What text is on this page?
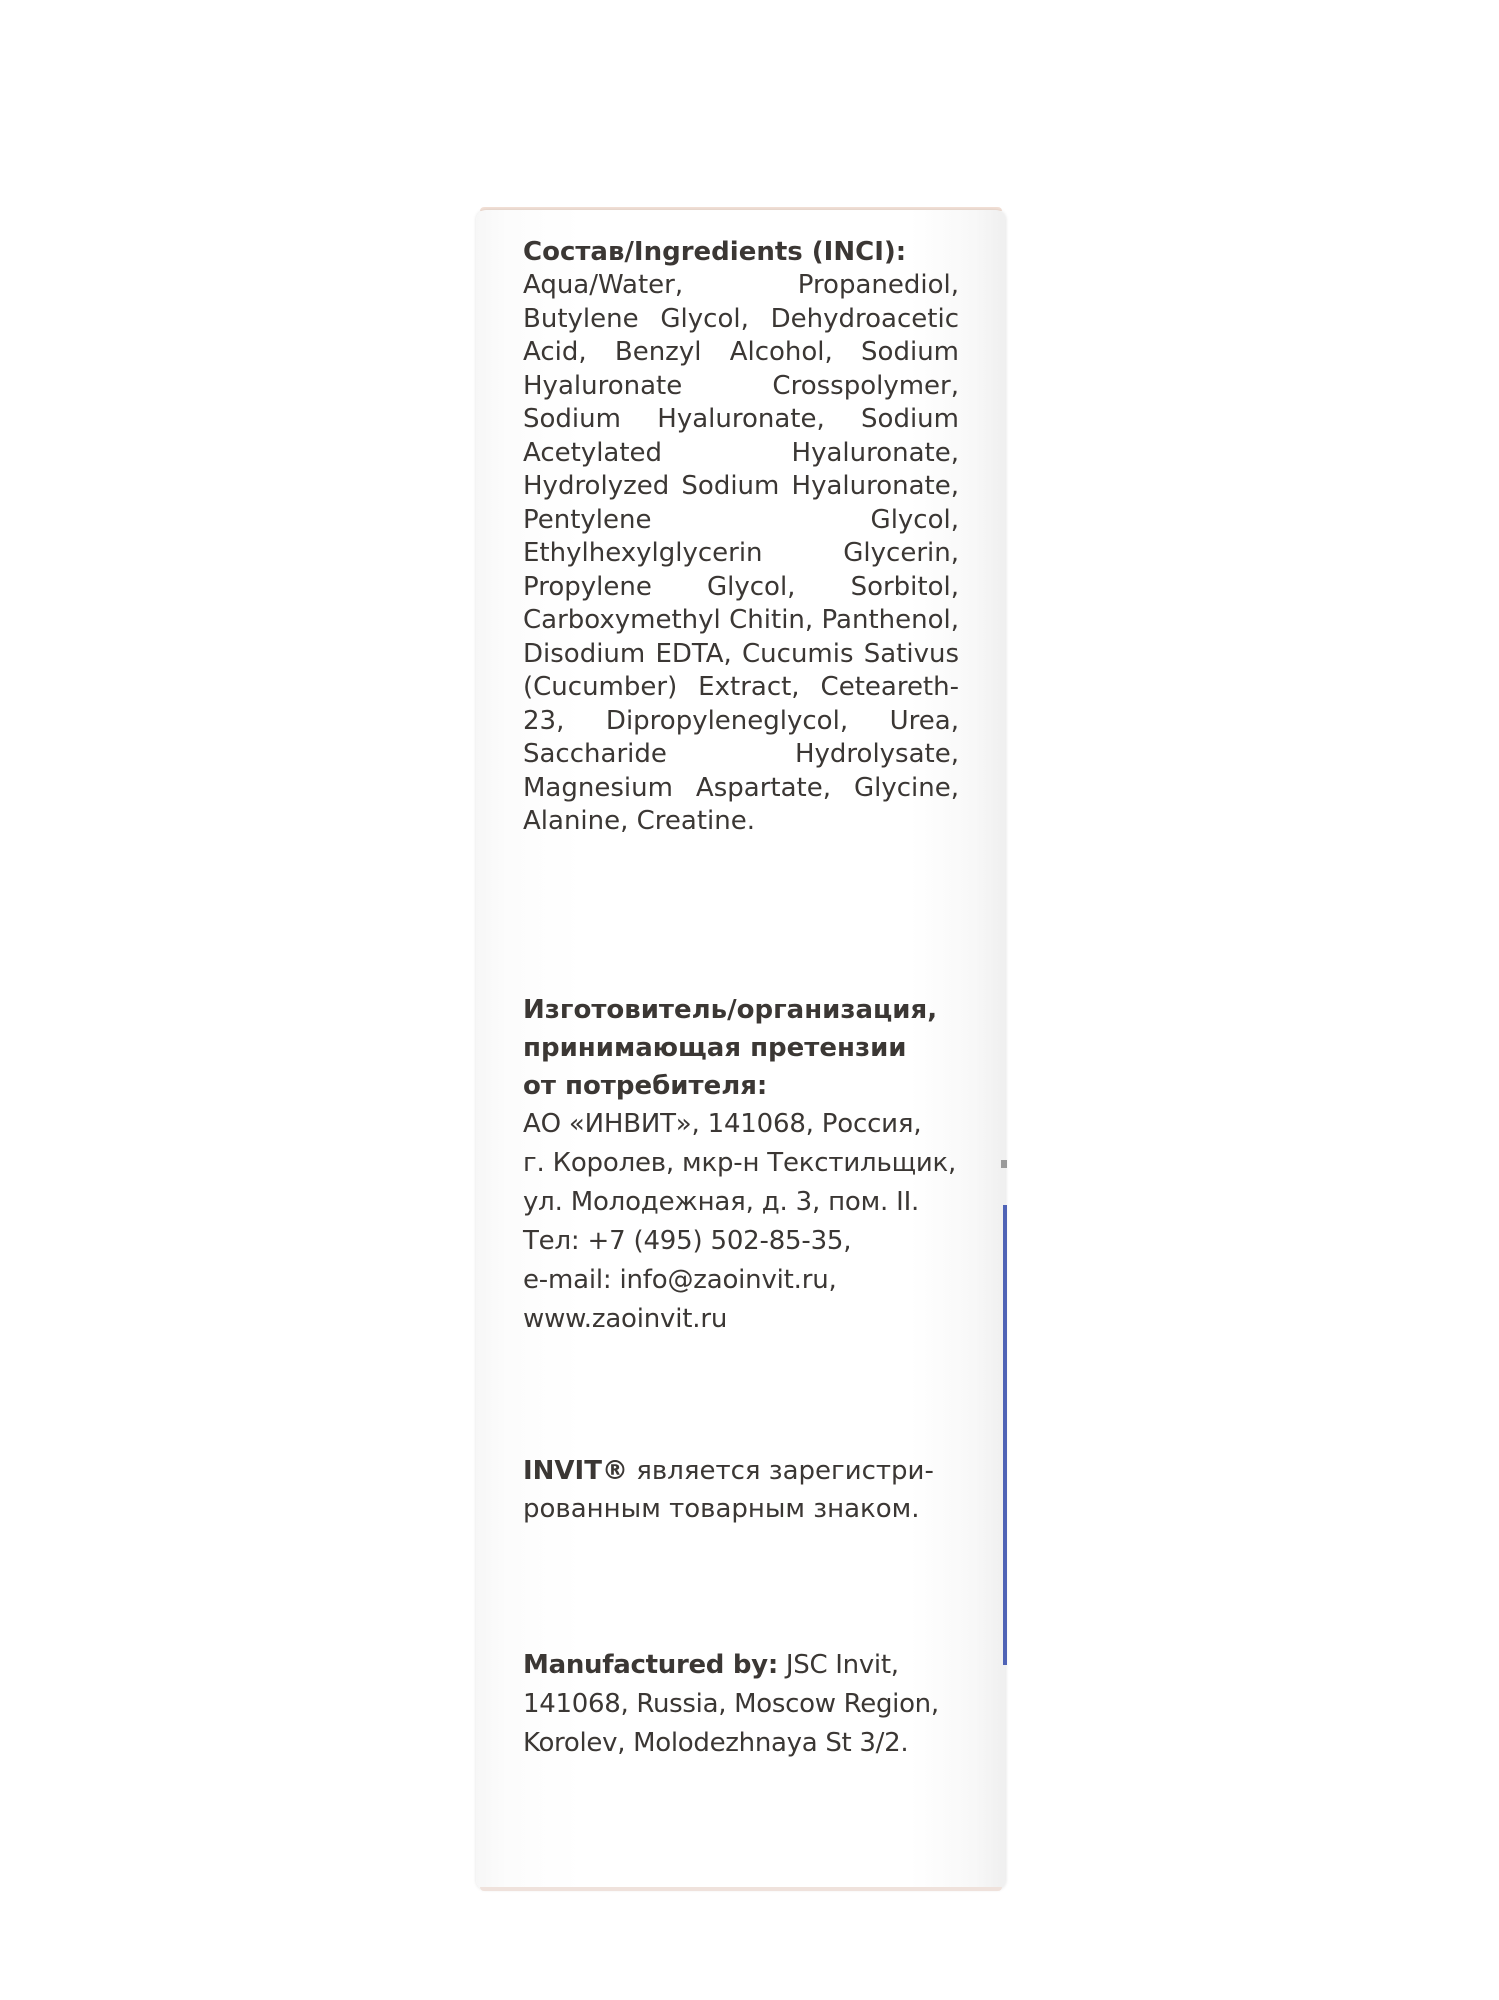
Состав/Ingredients (INCI):

Aqua/Water, Propanediol, Butylene Glycol, Dehydroacetic Acid, Benzyl Alcohol, Sodium Hyaluronate Crosspolymer, Sodium Hyaluronate, Sodium Acetylated Hyaluronate, Hydrolyzed Sodium Hyaluronate, Pentylene Glycol, Ethylhexylglycerin Glycerin, Propylene Glycol, Sorbitol, Carboxymethyl Chitin, Panthenol, Disodium EDTA, Cucumis Sativus (Cucumber) Extract, Ceteareth-23, Dipropyleneglycol, Urea, Saccharide Hydrolysate, Magnesium Aspartate, Glycine, Alanine, Creatine.

Изготовитель/организация,

принимающая претензии

от потребителя:

АО «ИНВИТ», 141068, Россия,

г. Королев, мкр-н Текстильщик,

ул. Молодежная, д. 3, пом. II.

Тел: +7 (495) 502-85-35,

e-mail: info@zaoinvit.ru,

www.zaoinvit.ru

INVIT® является зарегистри-
рованным товарным знаком.
Manufactured by: JSC Invit,
141068, Russia, Moscow Region,
Korolev, Molodezhnaya St 3/2.
